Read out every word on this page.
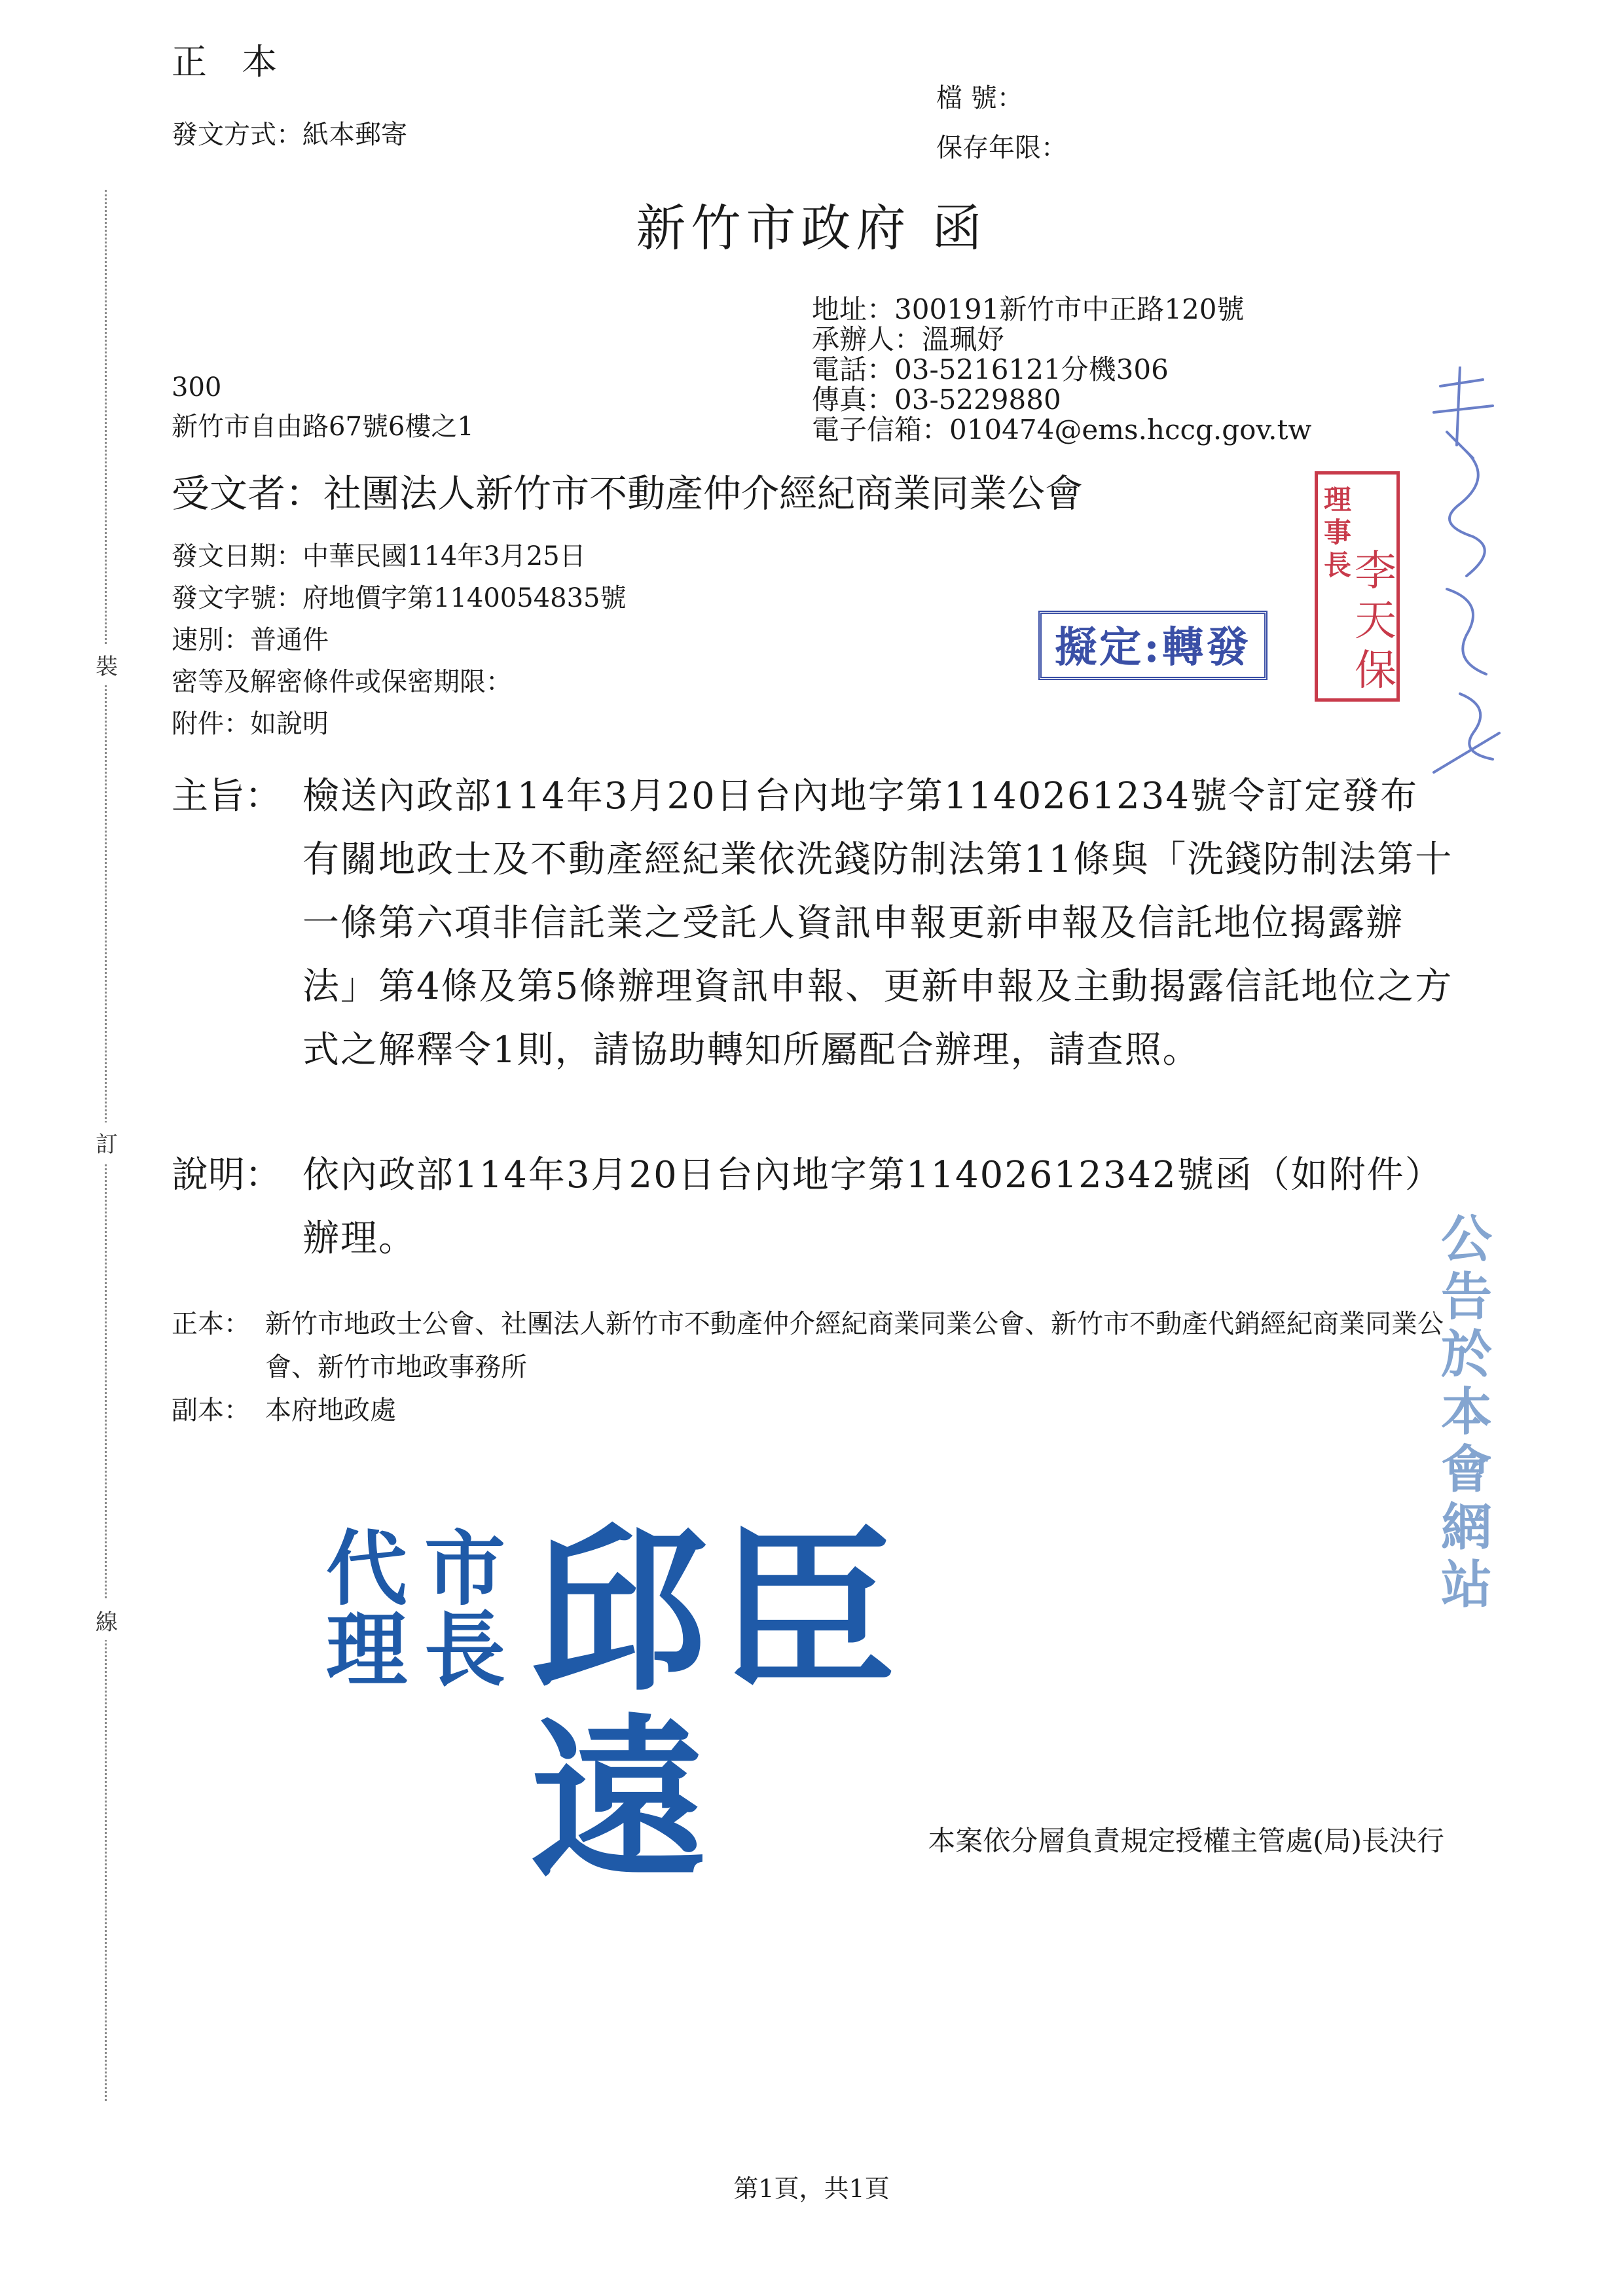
裝
訂
線
正 本
發文方式：紙本郵寄
檔 號：
保存年限：
新竹市政府 函
地址：300191新竹市中正路120號
承辦人：溫珮妤
電話：03-5216121分機306
傳真：03-5229880
電子信箱：010474@ems.hccg.gov.tw
300
新竹市自由路67號6樓之1
受文者：社團法人新竹市不動產仲介經紀商業同業公會
發文日期：中華民國114年3月25日
發文字號：府地價字第1140054835號
速別：普通件
密等及解密條件或保密期限：
附件：如說明
主旨： 檢送內政部114年3月20日台內地字第1140261234號令訂定發布有關地政士及不動產經紀業依洗錢防制法第11條與「洗錢防制法第十一條第六項非信託業之受託人資訊申報更新申報及信託地位揭露辦法」第4條及第5條辦理資訊申報、更新申報及主動揭露信託地位之方式之解釋令1則，請協助轉知所屬配合辦理，請查照。
說明： 依內政部114年3月20日台內地字第11402612342號函（如附件）辦理。
正本： 新竹市地政士公會、社團法人新竹市不動產仲介經紀商業同業公會、新竹市不動產代銷經紀商業同業公會、新竹市地政事務所
副本： 本府地政處
擬定:轉發
理事長 李天保
公告於本會網站
代理
市長 邱臣遠	本案依分層負責規定授權主管處(局)長決行
第1頁，共1頁
